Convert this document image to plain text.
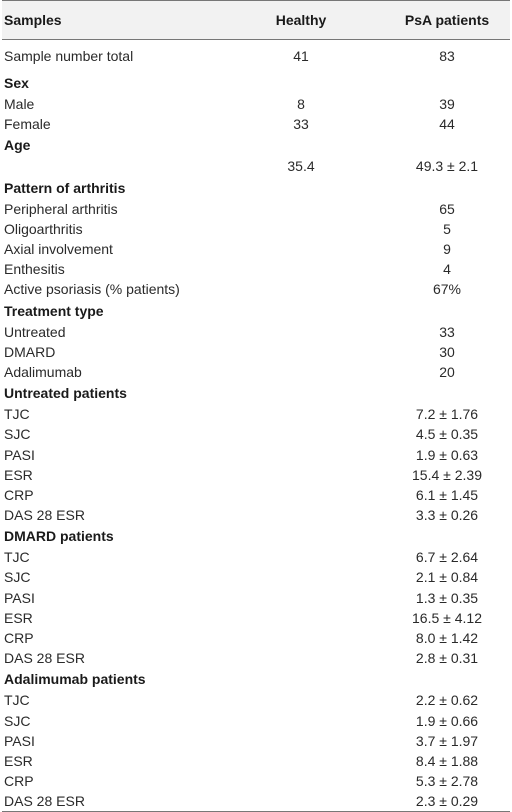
Samples	Healthy	PsA patients
Sample number total	41	83
Sex		
Male	8	39
Female	33	44
Age		
	35.4	49.3 ± 2.1
Pattern of arthritis		
Peripheral arthritis		65
Oligoarthritis		5
Axial involvement		9
Enthesitis		4
Active psoriasis (% patients)		67%
Treatment type		
Untreated		33
DMARD		30
Adalimumab		20
Untreated patients		
TJC		7.2 ± 1.76
SJC		4.5 ± 0.35
PASI		1.9 ± 0.63
ESR		15.4 ± 2.39
CRP		6.1 ± 1.45
DAS 28 ESR		3.3 ± 0.26
DMARD patients		
TJC		6.7 ± 2.64
SJC		2.1 ± 0.84
PASI		1.3 ± 0.35
ESR		16.5 ± 4.12
CRP		8.0 ± 1.42
DAS 28 ESR		2.8 ± 0.31
Adalimumab patients		
TJC		2.2 ± 0.62
SJC		1.9 ± 0.66
PASI		3.7 ± 1.97
ESR		8.4 ± 1.88
CRP		5.3 ± 2.78
DAS 28 ESR		2.3 ± 0.29
